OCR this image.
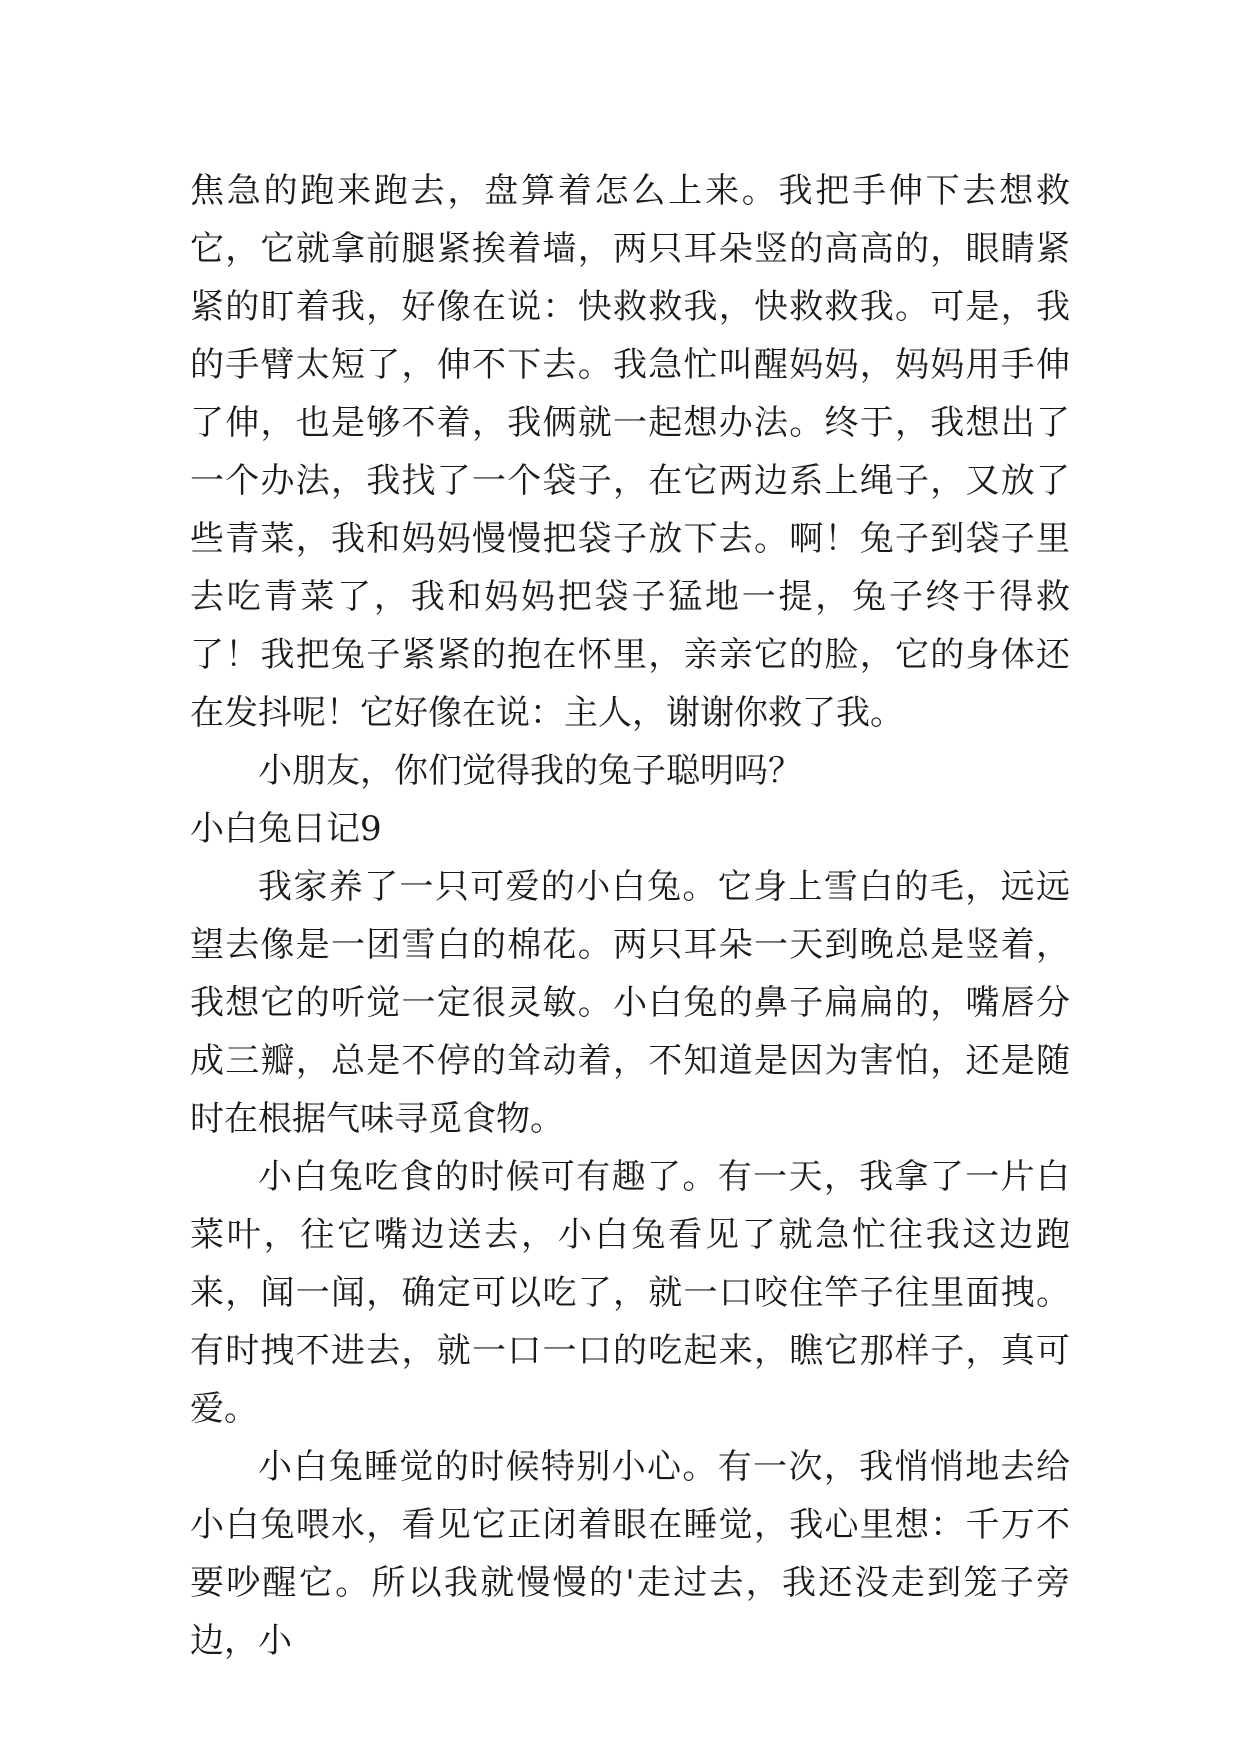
焦急的跑来跑去，盘算着怎么上来。我把手伸下去想救它，它就拿前腿紧挨着墙，两只耳朵竖的高高的，眼睛紧紧的盯着我，好像在说：快救救我，快救救我。可是，我的手臂太短了，伸不下去。我急忙叫醒妈妈，妈妈用手伸了伸，也是够不着，我俩就一起想办法。终于，我想出了一个办法，我找了一个袋子，在它两边系上绳子，又放了些青菜，我和妈妈慢慢把袋子放下去。啊！兔子到袋子里去吃青菜了，我和妈妈把袋子猛地一提，兔子终于得救了！我把兔子紧紧的抱在怀里，亲亲它的脸，它的身体还在发抖呢！它好像在说：主人，谢谢你救了我。

小朋友，你们觉得我的兔子聪明吗？

小白兔日记9

我家养了一只可爱的小白兔。它身上雪白的毛，远远望去像是一团雪白的棉花。两只耳朵一天到晚总是竖着，我想它的听觉一定很灵敏。小白兔的鼻子扁扁的，嘴唇分成三瓣，总是不停的耸动着，不知道是因为害怕，还是随时在根据气味寻觅食物。

小白兔吃食的时候可有趣了。有一天，我拿了一片白菜叶，往它嘴边送去，小白兔看见了就急忙往我这边跑来，闻一闻，确定可以吃了，就一口咬住竿子往里面拽。有时拽不进去，就一口一口的吃起来，瞧它那样子，真可爱。

小白兔睡觉的时候特别小心。有一次，我悄悄地去给小白兔喂水，看见它正闭着眼在睡觉，我心里想：千万不要吵醒它。所以我就慢慢的'走过去，我还没走到笼子旁边，小
